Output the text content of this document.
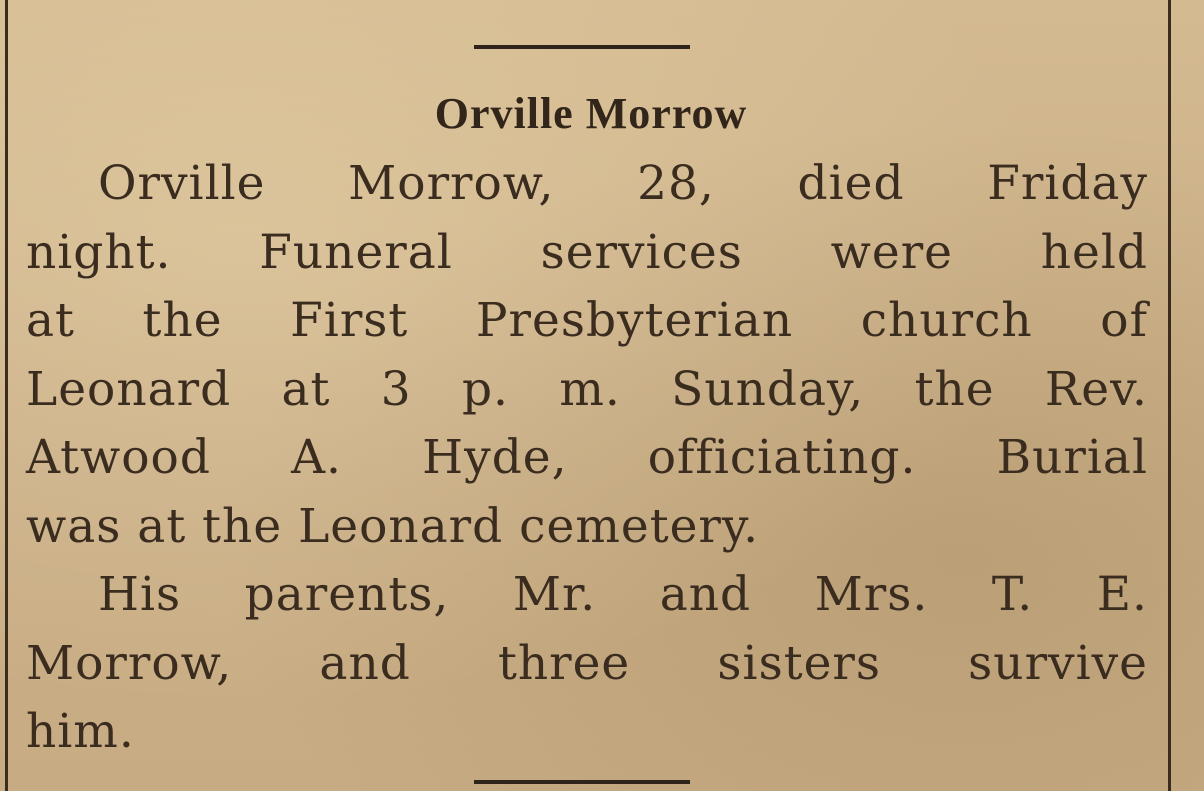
Orville Morrow
Orville Morrow, 28, died Friday
night. Funeral services were held
at the First Presbyterian church of
Leonard at 3 p. m. Sunday, the Rev.
Atwood A. Hyde, officiating. Burial
was at the Leonard cemetery.
His parents, Mr. and Mrs. T. E.
Morrow, and three sisters survive
him.
